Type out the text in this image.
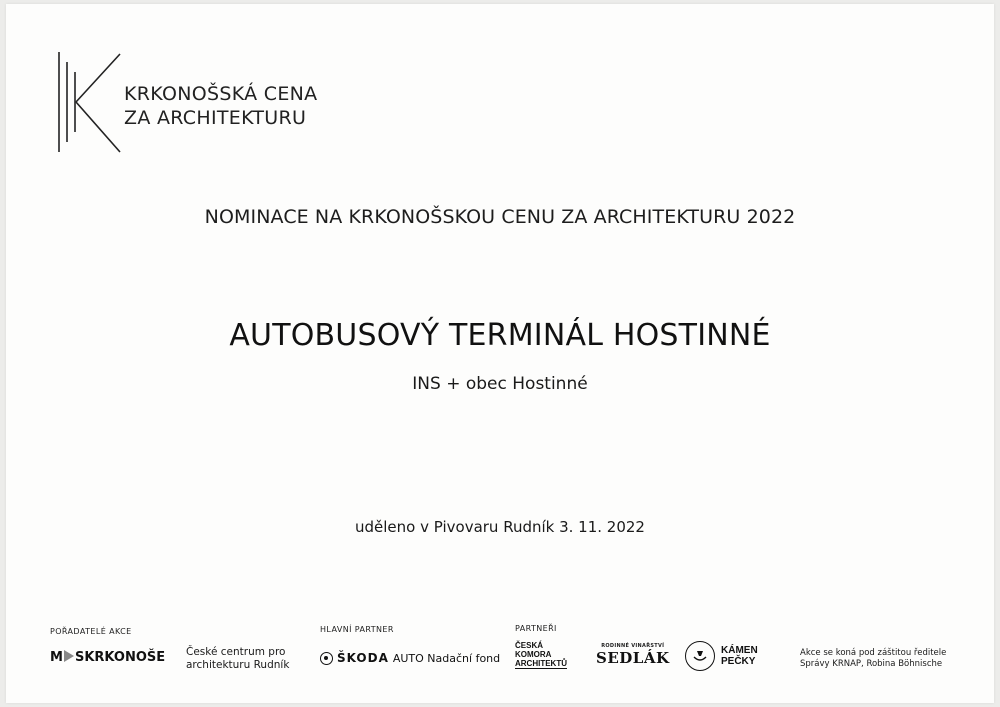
KRKONOŠSKÁ CENA
ZA ARCHITEKTURU
NOMINACE NA KRKONOŠSKOU CENU ZA ARCHITEKTURU 2022
AUTOBUSOVÝ TERMINÁL HOSTINNÉ
INS + obec Hostinné
uděleno v Pivovaru Rudník 3. 11. 2022
POŘADATELÉ AKCE	HLAVNÍ PARTNER	PARTNEŘI
M SKRKONOŠE České centrum pro
architekturu Rudník	ŠKODA AUTO Nadační fond
ČESKÁ
KOMORA
ARCHITEKTŮ
RODINNÉ VINAŘSTVÍ
SEDLÁK	KÁMEN
PEČKY
Akce se koná pod záštitou ředitele
Správy KRNAP, Robina Böhnische
